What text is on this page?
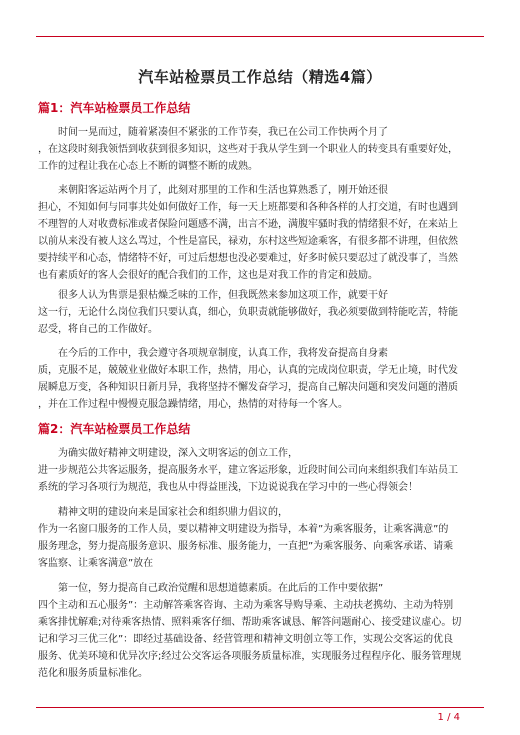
汽车站检票员工作总结（精选4篇）
篇1：汽车站检票员工作总结
时间一晃而过，随着紧凑但不紧张的工作节奏，我已在公司工作快两个月了
，在这段时刻我领悟到收获到很多知识，这些对于我从学生到一个职业人的转变具有重要好处，
工作的过程让我在心态上不断的调整不断的成熟。
来朝阳客运站两个月了，此刻对那里的工作和生活也算熟悉了，刚开始还很
担心，不知如何与同事共处如何做好工作，每一天上班都要和各种各样的人打交道，有时也遇到
不理智的人对收费标准或者保险问题感不满，出言不逊，满腹牢骚时我的情绪狠不好，在来站上
以前从来没有被人这么骂过，个性是富民，禄劝，东村这些短途乘客，有很多都不讲理，但依然
要持续平和心态，情绪特不好，可过后想想也没必要难过，好多时候只要忍过了就没事了，当然
也有素质好的客人会很好的配合我们的工作，这也是对我工作的肯定和鼓励。
很多人认为售票是狠枯燥乏味的工作，但我既然来参加这项工作，就要干好
这一行，无论什么岗位我们只要认真，细心，负职责就能够做好，我必须要做到特能吃苦，特能
忍受，将自己的工作做好。
在今后的工作中，我会遵守各项规章制度，认真工作，我将发奋提高自身素
质，克服不足，兢兢业业做好本职工作，热情，用心，认真的完成岗位职责，学无止境，时代发
展瞬息万变，各种知识日新月异，我将坚持不懈发奋学习，提高自己解决问题和突发问题的潜质
，并在工作过程中慢慢克服急躁情绪，用心，热情的对待每一个客人。
篇2：汽车站检票员工作总结
为确实做好精神文明建设，深入文明客运的创立工作，
进一步规范公共客运服务，提高服务水平，建立客运形象，近段时间公司向来组织我们车站员工
系统的学习各项行为规范，我也从中得益匪浅，下边说说我在学习中的一些心得领会！
精神文明的建设向来是国家社会和组织鼎力倡议的，
作为一名窗口服务的工作人员，要以精神文明建设为指导，本着”为乘客服务，让乘客满意”的
服务理念，努力提高服务意识、服务标准、服务能力，一直把”为乘客服务、向乘客承诺、请乘
客监察、让乘客满意”放在
第一位，努力提高自己政治觉醒和思想道德素质。在此后的工作中要依据”
四个主动和五心服务”：主动解答乘客咨询、主动为乘客导购导乘、主动扶老携幼、主动为特别
乘客排忧解难;对待乘客热情、照料乘客仔细、帮助乘客诚恳、解答问题耐心、接受建议虚心。切
记和学习三优三化”：即经过基础设备、经营管理和精神文明创立等工作，实现公交客运的优良
服务、优美环境和优异次序;经过公交客运各项服务质量标准，实现服务过程程序化、服务管理规
范化和服务质量标准化。
1 / 4
